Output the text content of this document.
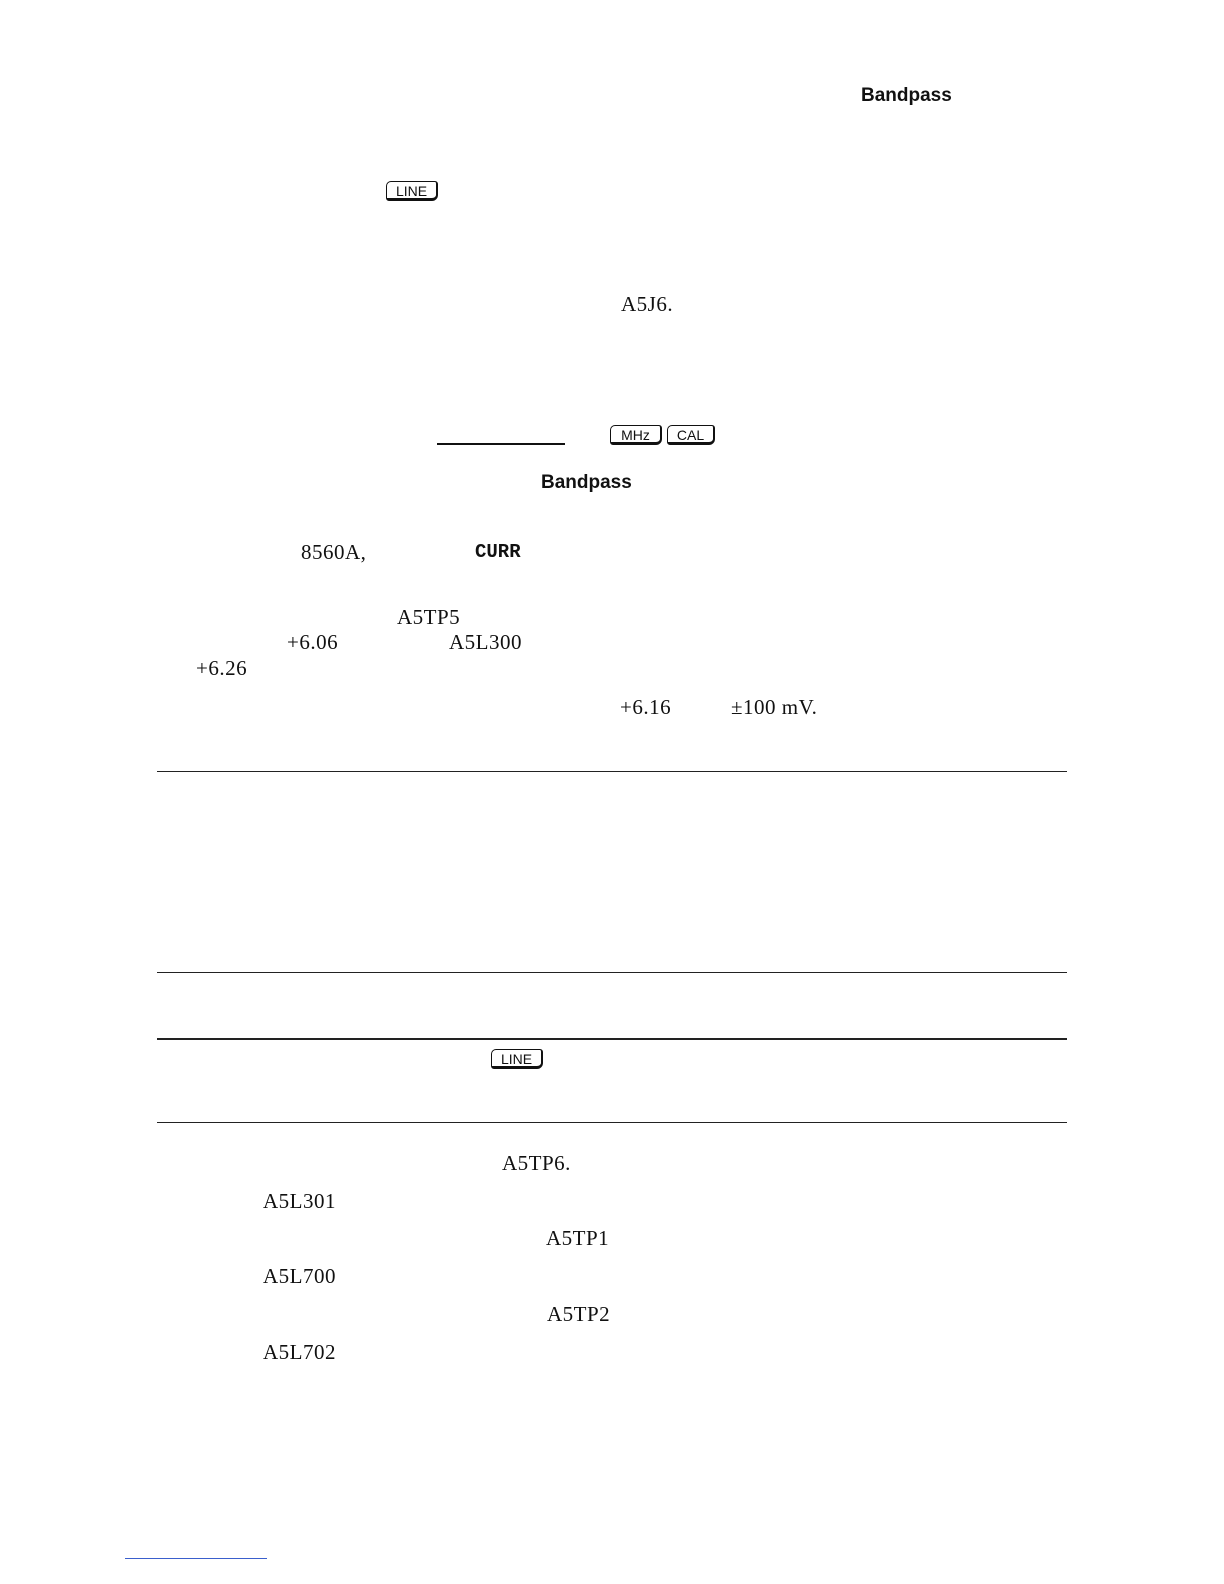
Bandpass
LINE
A5J6.
MHz	CAL
Bandpass
8560A,	CURR
A5TP5
+6.06	A5L300
+6.26
+6.16	±100 mV.
LINE
A5TP6.
A5L301
A5TP1
A5L700
A5TP2
A5L702
